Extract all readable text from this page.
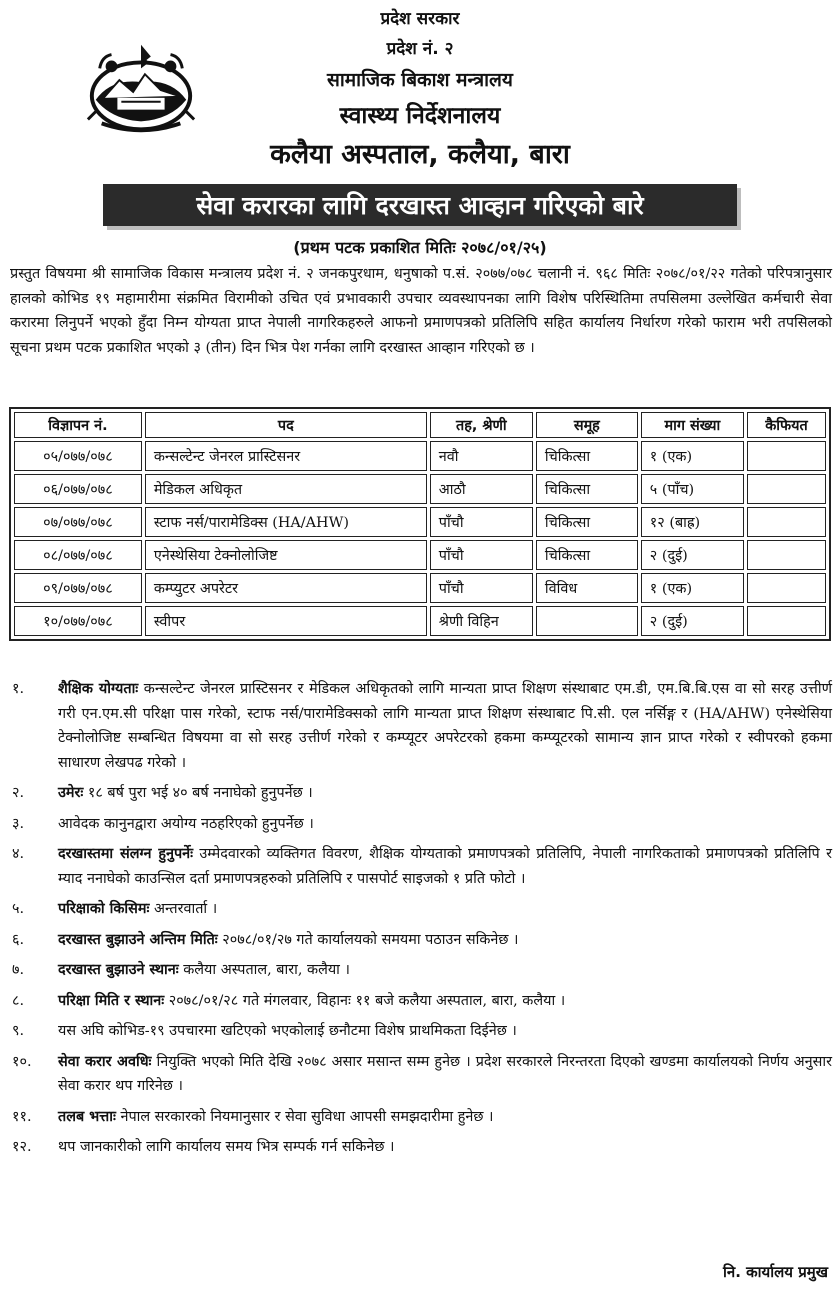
प्रदेश सरकार
प्रदेश नं. २
सामाजिक बिकाश मन्त्रालय
स्वास्थ्य निर्देशनालय
कलैया अस्पताल, कलैया, बारा
सेवा करारका लागि दरखास्त आव्हान गरिएको बारे
(प्रथम पटक प्रकाशित मितिः २०७८/०१/२५)
प्रस्तुत विषयमा श्री सामाजिक विकास मन्त्रालय प्रदेश नं. २ जनकपुरधाम, धनुषाको प.सं. २०७७/०७८ चलानी नं. ९६८ मितिः २०७८/०१/२२ गतेको परिपत्रानुसार हालको कोभिड १९ महामारीमा संक्रमित विरामीको उचित एवं प्रभावकारी उपचार व्यवस्थापनका लागि विशेष परिस्थितिमा तपसिलमा उल्लेखित कर्मचारी सेवा करारमा लिनुपर्ने भएको हुँदा निम्न योग्यता प्राप्त नेपाली नागरिकहरुले आफनो प्रमाणपत्रको प्रतिलिपि सहित कार्यालय निर्धारण गरेको फाराम भरी तपसिलको सूचना प्रथम पटक प्रकाशित भएको ३ (तीन) दिन भित्र पेश गर्नका लागि दरखास्त आव्हान गरिएको छ ।
विज्ञापन नं.	पद	तह, श्रेणी	समूह	माग संख्या	कैफियत
०५/०७७/०७८	कन्सल्टेन्ट जेनरल प्रास्टिसनर	नवौ	चिकित्सा	१ (एक)	
०६/०७७/०७८	मेडिकल अधिकृत	आठौ	चिकित्सा	५ (पाँच)	
०७/०७७/०७८	स्टाफ नर्स/पारामेडिक्स (HA/AHW)	पाँचौ	चिकित्सा	१२ (बाह्र)	
०८/०७७/०७८	एनेस्थेसिया टेक्नोलोजिष्ट	पाँचौ	चिकित्सा	२ (दुई)	
०९/०७७/०७८	कम्प्युटर अपरेटर	पाँचौ	विविध	१ (एक)	
१०/०७७/०७८	स्वीपर	श्रेणी विहिन		२ (दुई)	
१. शैक्षिक योग्यताः कन्सल्टेन्ट जेनरल प्रास्टिसनर र मेडिकल अधिकृतको लागि मान्यता प्राप्त शिक्षण संस्थाबाट एम.डी, एम.बि.बि.एस वा सो सरह उत्तीर्ण गरी एन.एम.सी परिक्षा पास गरेको, स्टाफ नर्स/पारामेडिक्सको लागि मान्यता प्राप्त शिक्षण संस्थाबाट पि.सी. एल नर्सिङ्ग र (HA/AHW) एनेस्थेसिया टेक्नोलोजिष्ट सम्बन्धित विषयमा वा सो सरह उत्तीर्ण गरेको र कम्प्यूटर अपरेटरको हकमा कम्प्यूटरको सामान्य ज्ञान प्राप्त गरेको र स्वीपरको हकमा साधारण लेखपढ गरेको ।
२. उमेरः १८ बर्ष पुरा भई ४० बर्ष ननाघेको हुनुपर्नेछ ।
३. आवेदक कानुनद्वारा अयोग्य नठहरिएको हुनुपर्नेछ ।
४. दरखास्तमा संलग्न हुनुपर्नेः उम्मेदवारको व्यक्तिगत विवरण, शैक्षिक योग्यताको प्रमाणपत्रको प्रतिलिपि, नेपाली नागरिकताको प्रमाणपत्रको प्रतिलिपि र म्याद ननाघेको काउन्सिल दर्ता प्रमाणपत्रहरुको प्रतिलिपि र पासपोर्ट साइजको १ प्रति फोटो ।
५. परिक्षाको किसिमः अन्तरवार्ता ।
६. दरखास्त बुझाउने अन्तिम मितिः २०७८/०१/२७ गते कार्यालयको समयमा पठाउन सकिनेछ ।
७. दरखास्त बुझाउने स्थानः कलैया अस्पताल, बारा, कलैया ।
८. परिक्षा मिति र स्थानः २०७८/०१/२८ गते मंगलवार, विहानः ११ बजे कलैया अस्पताल, बारा, कलैया ।
९. यस अघि कोभिड-१९ उपचारमा खटिएको भएकोलाई छनौटमा विशेष प्राथमिकता दिईनेछ ।
१०. सेवा करार अवधिः नियुक्ति भएको मिति देखि २०७८ असार मसान्त सम्म हुनेछ । प्रदेश सरकारले निरन्तरता दिएको खण्डमा कार्यालयको निर्णय अनुसार सेवा करार थप गरिनेछ ।
११. तलब भत्ताः नेपाल सरकारको नियमानुसार र सेवा सुविधा आपसी समझदारीमा हुनेछ ।
१२. थप जानकारीको लागि कार्यालय समय भित्र सम्पर्क गर्न सकिनेछ ।
नि. कार्यालय प्रमुख
